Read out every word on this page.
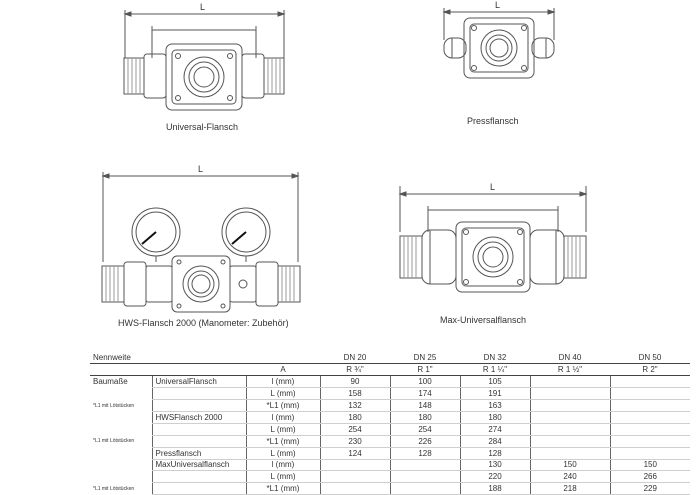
L	L
L
L
Universal-Flansch
Pressflansch
HWS-Flansch 2000 (Manometer: Zubehör)	Max-Universalflansch
Nennweite			DN 20	DN 25	DN 32	DN 40	DN 50
		A	R ¾"	R 1"	R 1 ¼"	R 1 ½"	R 2"
Baumaße	UniversalFlansch	l (mm)	90	100	105		
		L (mm)	158	174	191		
*L1 mit Lötstücken		*L1 (mm)	132	148	163		
	HWSFlansch 2000	l (mm)	180	180	180		
		L (mm)	254	254	274		
*L1 mit Lötstücken		*L1 (mm)	230	226	284		
	Pressflansch	L (mm)	124	128	128		
	MaxUniversalflansch	l (mm)			130	150	150
		L (mm)			220	240	266
*L1 mit Lötstücken		*L1 (mm)			188	218	229
